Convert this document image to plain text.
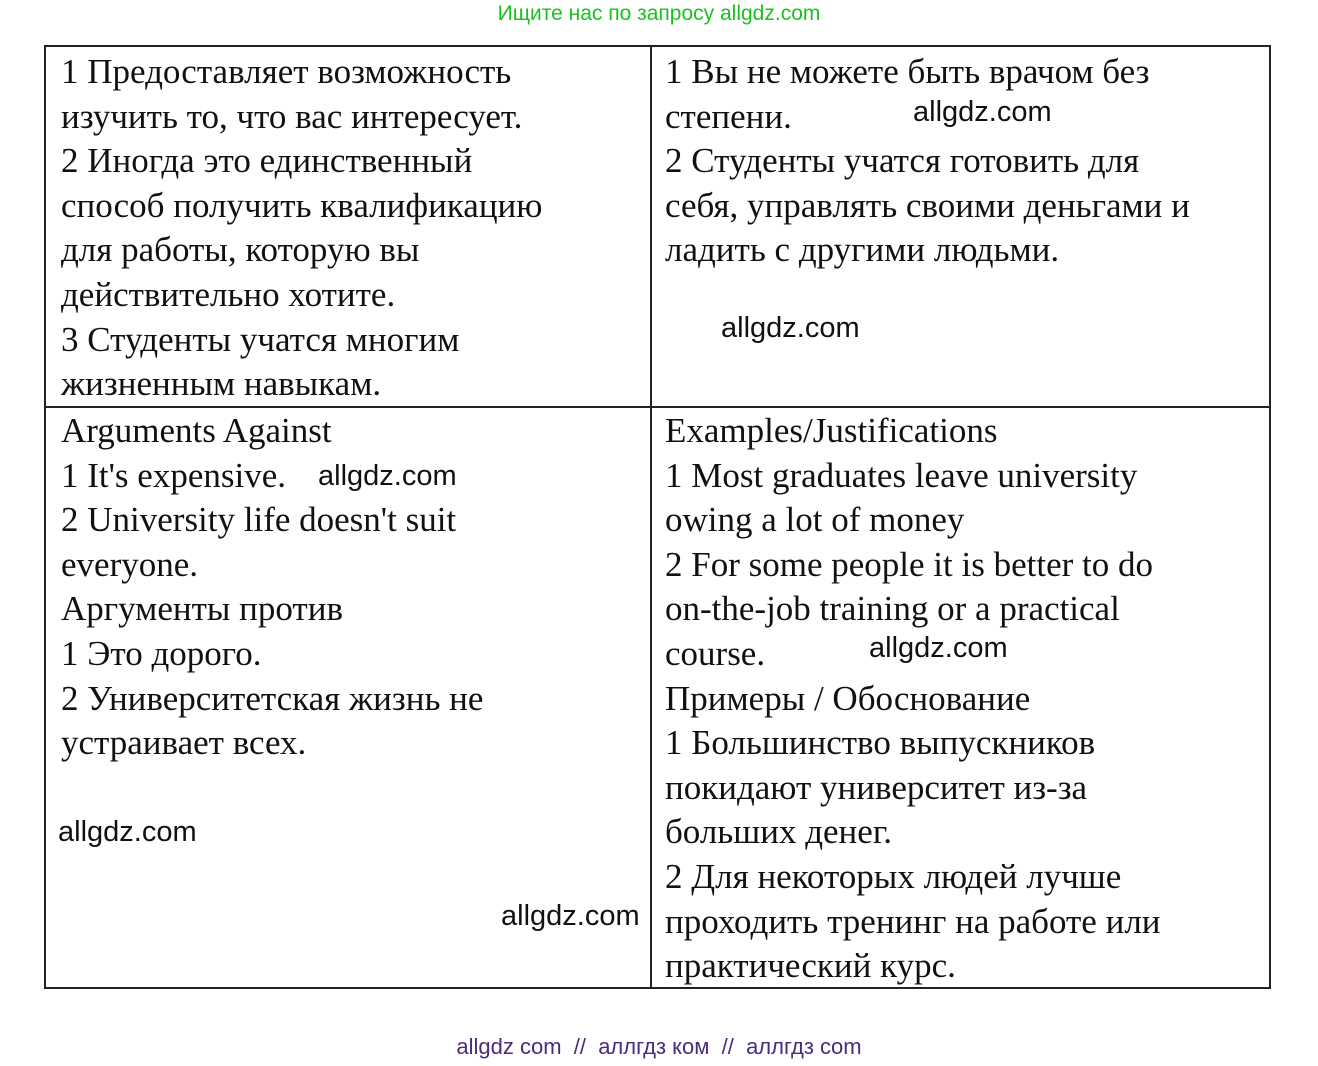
Ищите нас по запросу allgdz.com
1 Предоставляет возможность
изучить то, что вас интересует.
2 Иногда это единственный
способ получить квалификацию
для работы, которую вы
действительно хотите.
3 Студенты учатся многим
жизненным навыкам.
1 Вы не можете быть врачом без
степени.
2 Студенты учатся готовить для
себя, управлять своими деньгами и
ладить с другими людьми.
Arguments Against
1 It's expensive.
2 University life doesn't suit
everyone.
Аргументы против
1 Это дорого.
2 Университетская жизнь не
устраивает всех.
Examples/Justifications
1 Most graduates leave university
owing a lot of money
2 For some people it is better to do
on-the-job training or a practical
course.
Примеры / Обоснование
1 Большинство выпускников
покидают университет из-за
больших денег.
2 Для некоторых людей лучше
проходить тренинг на работе или
практический курс.
allgdz.com
allgdz.com
allgdz.com
allgdz.com
allgdz.com
allgdz.com
allgdz com  //  аллгдз ком  //  аллгдз com
